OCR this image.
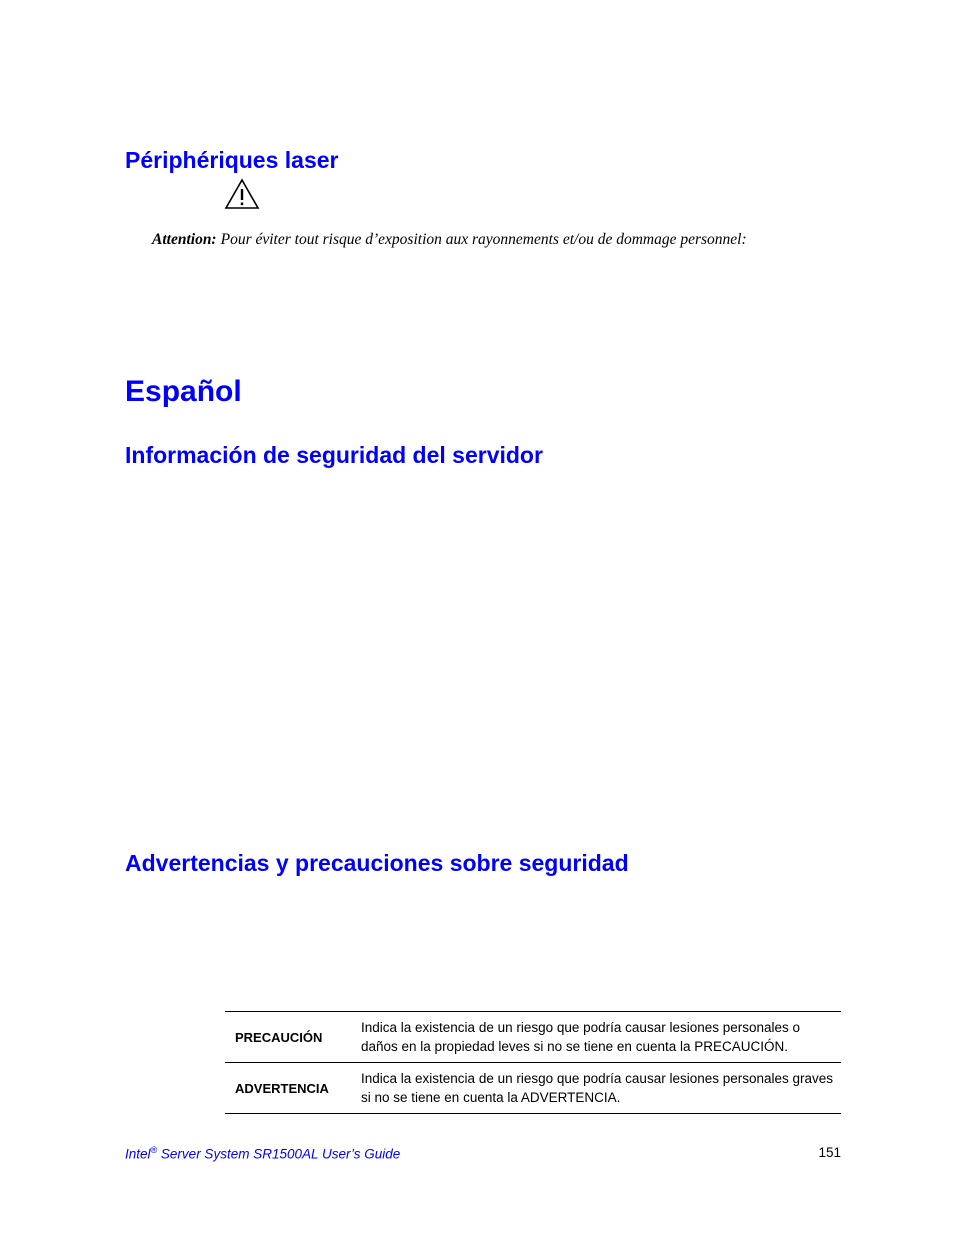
Périphériques laser
Attention: Pour éviter tout risque d’exposition aux rayonnements et/ou de dommage personnel:
Español
Información de seguridad del servidor
Advertencias y precauciones sobre seguridad
PRECAUCIÓN	Indica la existencia de un riesgo que podría causar lesiones personales o daños en la propiedad leves si no se tiene en cuenta la PRECAUCIÓN.
ADVERTENCIA	Indica la existencia de un riesgo que podría causar lesiones personales graves si no se tiene en cuenta la ADVERTENCIA.
Intel® Server System SR1500AL User’s Guide	151
